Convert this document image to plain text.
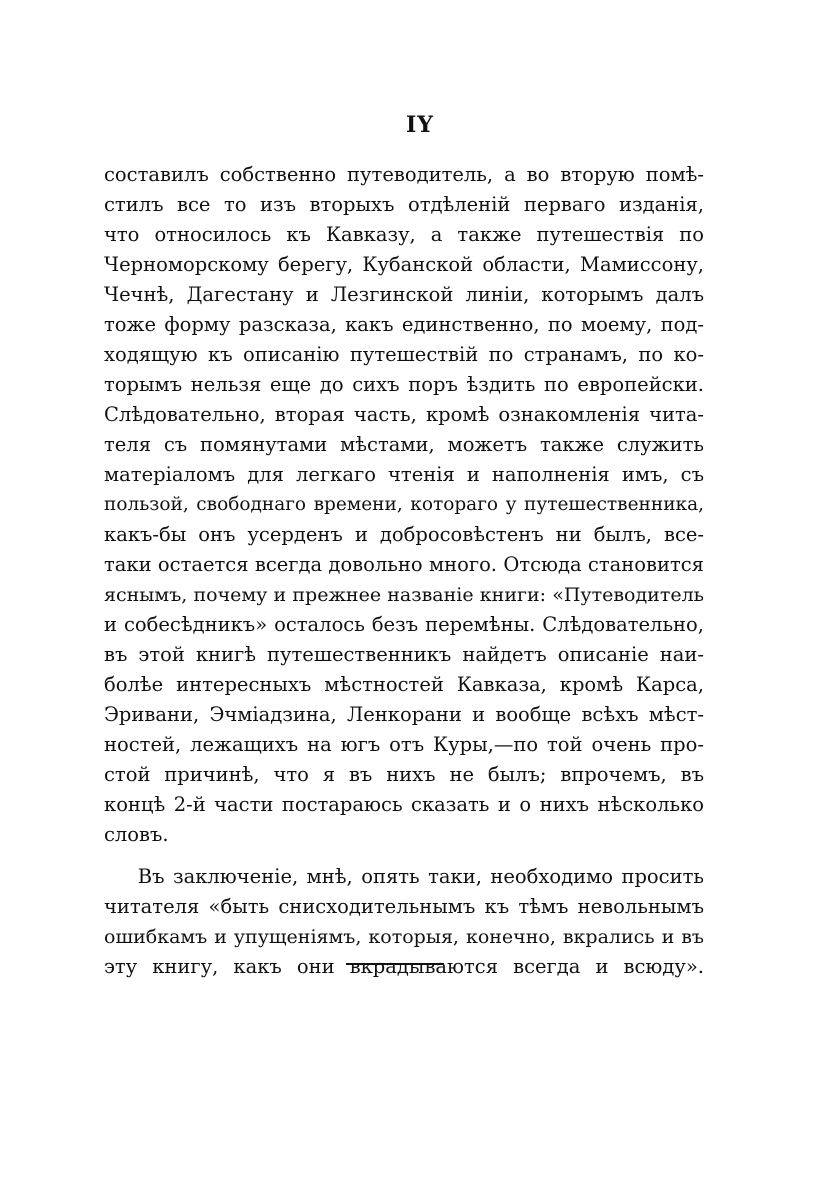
IY
составилъ собственно путеводитель, а во вторую помѣ-
стилъ все то изъ вторыхъ отдѣленій перваго изданія,
что относилось къ Кавказу, а также путешествія по
Черноморскому берегу, Кубанской области, Мамиссону,
Чечнѣ, Дагестану и Лезгинской линіи, которымъ далъ
тоже форму разсказа, какъ единственно, по моему, под-
ходящую къ описанію путешествій по странамъ, по ко-
торымъ нельзя еще до сихъ поръ ѣздить по европейски.
Слѣдовательно, вторая часть, кромѣ ознакомленія чита-
теля съ помянутами мѣстами, можетъ также служить
матеріаломъ для легкаго чтенія и наполненія имъ, съ
пользой, свободнаго времени, котораго у путешественника,
какъ-бы онъ усерденъ и добросовѣстенъ ни былъ, все-
таки остается всегда довольно много. Отсюда становится
яснымъ, почему и прежнее названіе книги: «Путеводитель
и собесѣдникъ» осталось безъ перемѣны. Слѣдовательно,
въ этой книгѣ путешественникъ найдетъ описаніе наи-
болѣе интересныхъ мѣстностей Кавказа, кромѣ Карса,
Эривани, Эчміадзина, Ленкорани и вообще всѣхъ мѣст-
ностей, лежащихъ на югъ отъ Куры,—по той очень про-
стой причинѣ, что я въ нихъ не былъ; впрочемъ, въ
концѣ 2-й части постараюсь сказать и о нихъ нѣсколько
словъ.
Въ заключеніе, мнѣ, опять таки, необходимо просить
читателя «быть снисходительнымъ къ тѣмъ невольнымъ
ошибкамъ и упущеніямъ, которыя, конечно, вкрались и въ
эту книгу, какъ они вкрадываются всегда и всюду».
